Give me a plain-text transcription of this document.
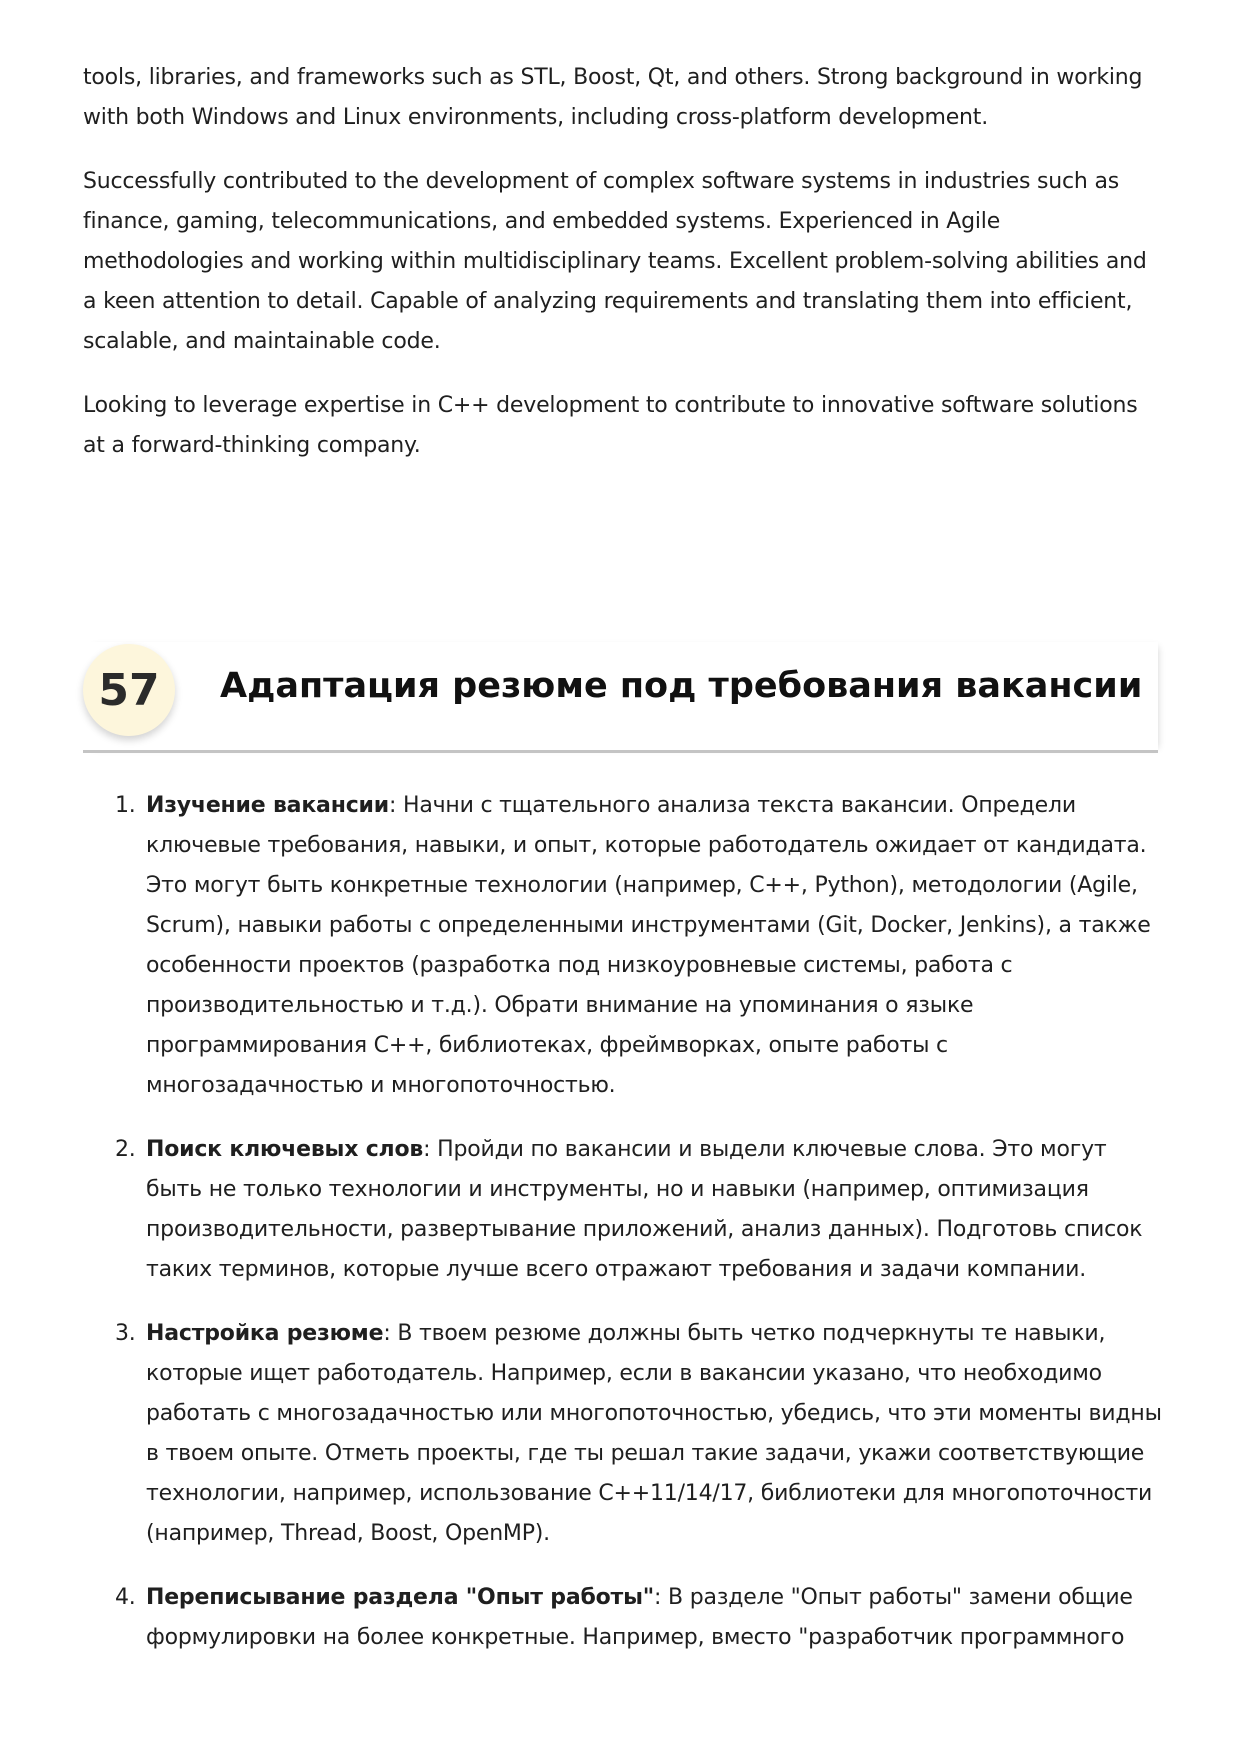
tools, libraries, and frameworks such as STL, Boost, Qt, and others. Strong background in working with both Windows and Linux environments, including cross-platform development.

Successfully contributed to the development of complex software systems in industries such as finance, gaming, telecommunications, and embedded systems. Experienced in Agile methodologies and working within multidisciplinary teams. Excellent problem-solving abilities and a keen attention to detail. Capable of analyzing requirements and translating them into efficient, scalable, and maintainable code.

Looking to leverage expertise in C++ development to contribute to innovative software solutions at a forward-thinking company.

57	Адаптация резюме под требования вакансии
1. Изучение вакансии: Начни с тщательного анализа текста вакансии. Определи ключевые требования, навыки, и опыт, которые работодатель ожидает от кандидата. Это могут быть конкретные технологии (например, C++, Python), методологии (Agile, Scrum), навыки работы с определенными инструментами (Git, Docker, Jenkins), а также особенности проектов (разработка под низкоуровневые системы, работа с производительностью и т.д.). Обрати внимание на упоминания о языке программирования C++, библиотеках, фреймворках, опыте работы с многозадачностью и многопоточностью.
2. Поиск ключевых слов: Пройди по вакансии и выдели ключевые слова. Это могут быть не только технологии и инструменты, но и навыки (например, оптимизация производительности, развертывание приложений, анализ данных). Подготовь список таких терминов, которые лучше всего отражают требования и задачи компании.
3. Настройка резюме: В твоем резюме должны быть четко подчеркнуты те навыки, которые ищет работодатель. Например, если в вакансии указано, что необходимо работать с многозадачностью или многопоточностью, убедись, что эти моменты видны в твоем опыте. Отметь проекты, где ты решал такие задачи, укажи соответствующие технологии, например, использование C++11/14/17, библиотеки для многопоточности (например, Thread, Boost, OpenMP).
4. Переписывание раздела "Опыт работы": В разделе "Опыт работы" замени общие формулировки на более конкретные. Например, вместо "разработчик программного
